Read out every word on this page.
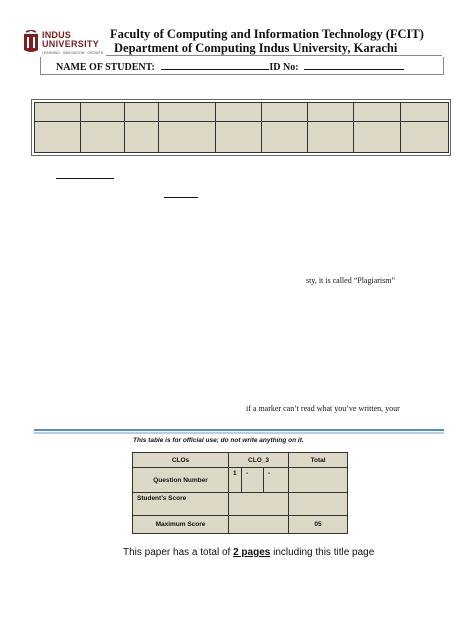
INDUS
UNIVERSITY
LEARNING · INNOVATION · GROWTH
Faculty of Computing and Information Technology (FCIT)
Department of Computing Indus University, Karachi
NAME OF STUDENT:	ID No:

sty, it is called “Plagiarism”
if a marker can’t read what you’ve written, your
This table is for official use; do not write anything on it.
CLOs	CLO_3			Total
Question Number	1	-	-	
Student’s Score				
Maximum Score				05
This paper has a total of 2 pages including this title page
